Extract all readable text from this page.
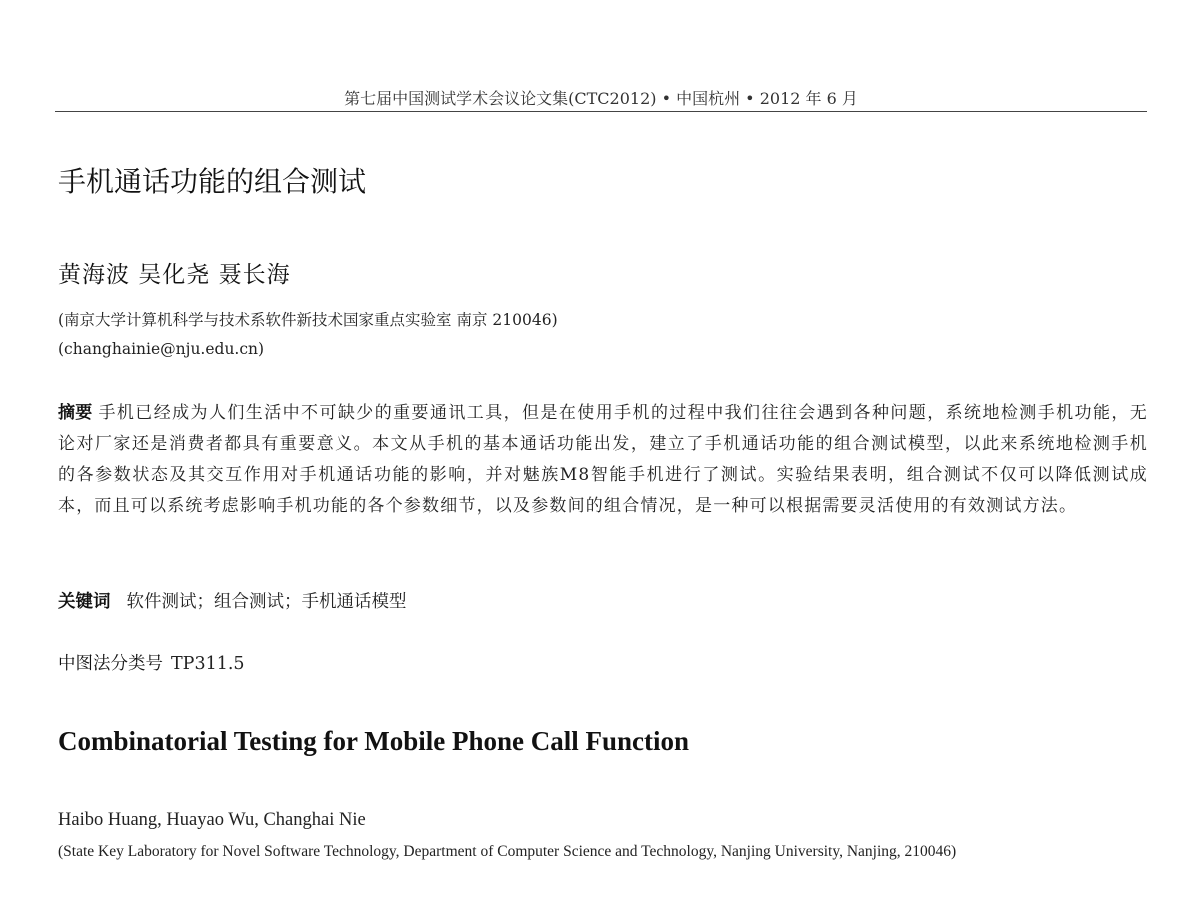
第七届中国测试学术会议论文集(CTC2012) • 中国杭州 • 2012 年 6 月
手机通话功能的组合测试
黄海波 吴化尧 聂长海
(南京大学计算机科学与技术系软件新技术国家重点实验室 南京 210046)
(changhainie@nju.edu.cn)
摘要 手机已经成为人们生活中不可缺少的重要通讯工具，但是在使用手机的过程中我们往往会遇到各种问题，系统地检测手机功能，无论对厂家还是消费者都具有重要意义。本文从手机的基本通话功能出发，建立了手机通话功能的组合测试模型，以此来系统地检测手机的各参数状态及其交互作用对手机通话功能的影响，并对魅族M8智能手机进行了测试。实验结果表明，组合测试不仅可以降低测试成本，而且可以系统考虑影响手机功能的各个参数细节，以及参数间的组合情况，是一种可以根据需要灵活使用的有效测试方法。
关键词 软件测试；组合测试；手机通话模型
中图法分类号 TP311.5
Combinatorial Testing for Mobile Phone Call Function
Haibo Huang, Huayao Wu, Changhai Nie
(State Key Laboratory for Novel Software Technology, Department of Computer Science and Technology, Nanjing University, Nanjing, 210046)
